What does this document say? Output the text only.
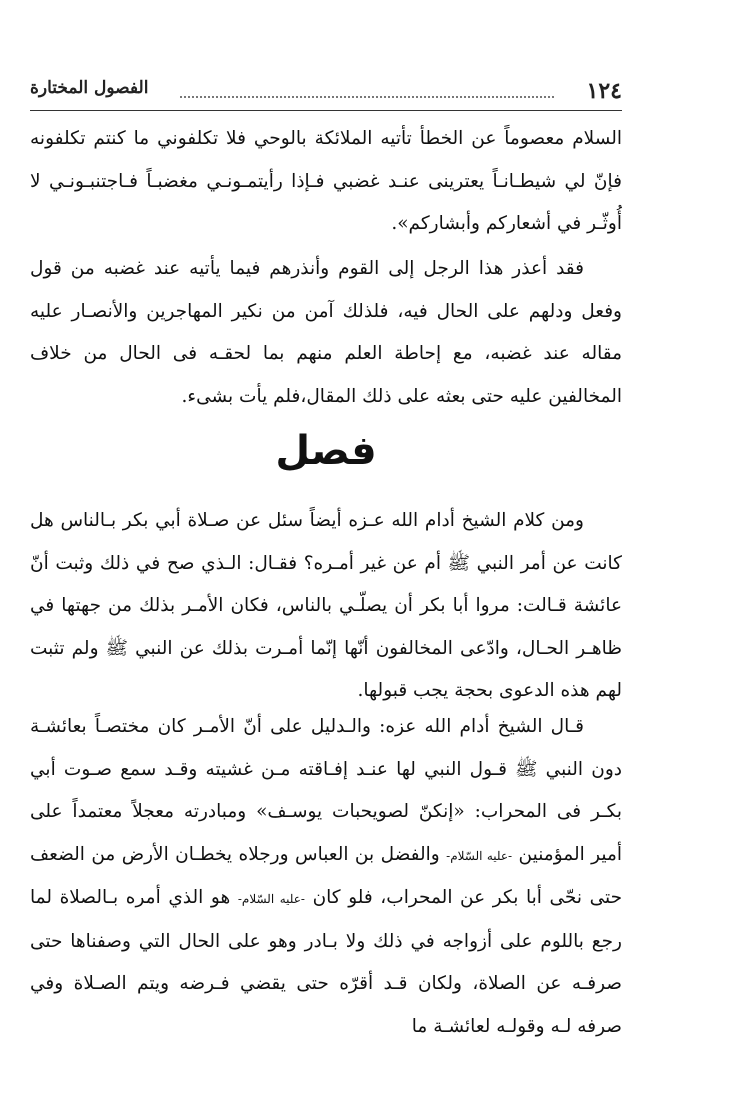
١٢٤
الفصول المختارة

السلام معصوماً عن الخطأ تأتيه الملائكة بالوحي فلا تكلفوني ما كنتم تكلفونه فإنّ لي شيطـانـاً يعترينى عنـد غضبي فـإذا رأيتمـونـي مغضبـاً فـاجتنبـونـي لا أُوثّـر في أشعاركم وأبشاركم».

فقد أعذر هذا الرجل إلى القوم وأنذرهم فيما يأتيه عند غضبه من قول وفعل ودلهم على الحال فيه، فلذلك آمن من نكير المهاجرين والأنصـار عليه مقاله عند غضبه، مع إحاطة العلم منهم بما لحقـه فى الحال من خلاف المخالفين عليه حتى بعثه على ذلك المقال،فلم يأت بشىء.

فصل

ومن كلام الشيخ أدام الله عـزه أيضاً سئل عن صـلاة أبي بكر بـالناس هل كانت عن أمر النبي ﷺ أم عن غير أمـره؟ فقـال: الـذي صح في ذلك وثبت أنّ عائشة قـالت: مروا أبا بكر أن يصلّـي بالناس، فكان الأمـر بذلك من جهتها في ظاهـر الحـال، وادّعى المخالفون أنّها إنّما أمـرت بذلك عن النبي ﷺ ولم تثبت لهم هذه الدعوى بحجة يجب قبولها.

قـال الشيخ أدام الله عزه: والـدليل على أنّ الأمـر كان مختصـاً بعائشـة دون النبي ﷺ قـول النبي لها عنـد إفـاقته مـن غشيته وقـد سمع صـوت أبي بكـر فى المحراب: «إنكنّ لصويحبات يوسـف» ومبادرته معجلاً معتمداً على أمير المؤمنين -عليه السّلام- والفضل بن العباس ورجلاه يخطـان الأرض من الضعف حتى نحّى أبا بكر عن المحراب، فلو كان -عليه السّلام- هو الذي أمره بـالصلاة لما رجع باللوم على أزواجه في ذلك ولا بـادر وهو على الحال التي وصفناها حتى صرفـه عن الصلاة، ولكان قـد أقرّه حتى يقضي فـرضه ويتم الصـلاة وفي صرفه لـه وقولـه لعائشـة ما
